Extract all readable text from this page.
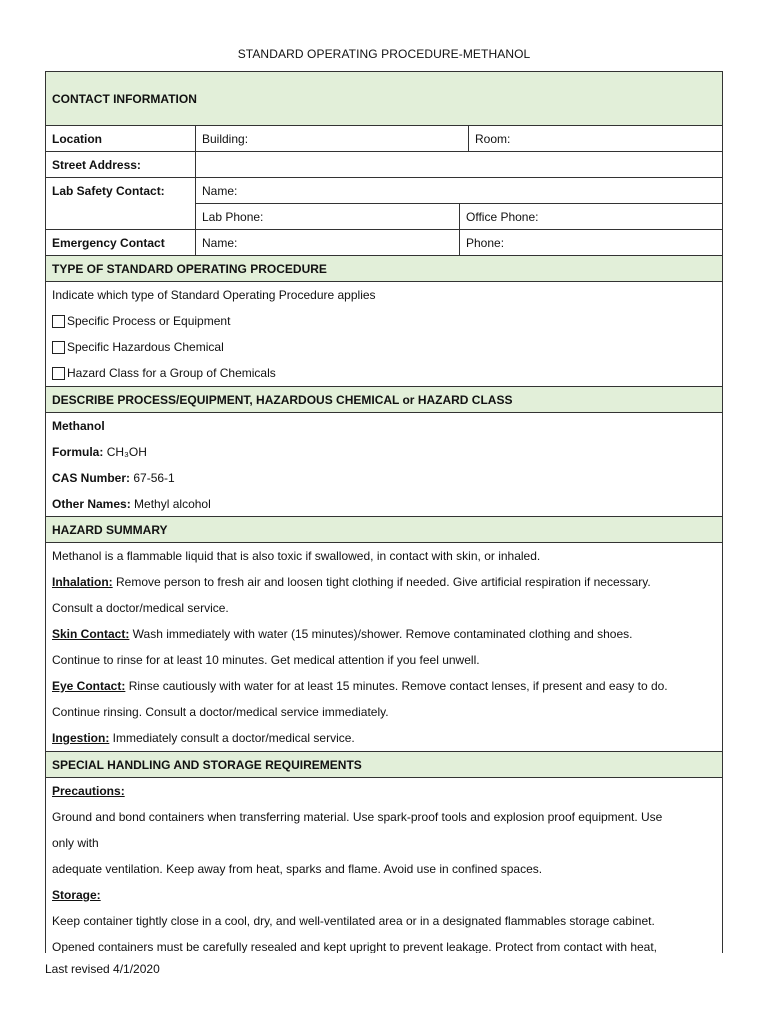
STANDARD OPERATING PROCEDURE-METHANOL
CONTACT INFORMATION
Location	Building:	Room:
Street Address:
Lab Safety Contact:	Name:
Lab Phone:	Office Phone:
Emergency Contact	Name:	Phone:
TYPE OF STANDARD OPERATING PROCEDURE
Indicate which type of Standard Operating Procedure applies
Specific Process or Equipment
Specific Hazardous Chemical
Hazard Class for a Group of Chemicals
DESCRIBE PROCESS/EQUIPMENT, HAZARDOUS CHEMICAL or HAZARD CLASS
Methanol
Formula: CH₃OH
CAS Number: 67-56-1
Other Names: Methyl alcohol
HAZARD SUMMARY
Methanol is a flammable liquid that is also toxic if swallowed, in contact with skin, or inhaled.
Inhalation: Remove person to fresh air and loosen tight clothing if needed. Give artificial respiration if necessary.
Consult a doctor/medical service.
Skin Contact: Wash immediately with water (15 minutes)/shower. Remove contaminated clothing and shoes.
Continue to rinse for at least 10 minutes. Get medical attention if you feel unwell.
Eye Contact: Rinse cautiously with water for at least 15 minutes. Remove contact lenses, if present and easy to do.
Continue rinsing. Consult a doctor/medical service immediately.
Ingestion: Immediately consult a doctor/medical service.
SPECIAL HANDLING AND STORAGE REQUIREMENTS
Precautions:
Ground and bond containers when transferring material. Use spark-proof tools and explosion proof equipment. Use
only with
adequate ventilation. Keep away from heat, sparks and flame. Avoid use in confined spaces.
Storage:
Keep container tightly close in a cool, dry, and well-ventilated area or in a designated flammables storage cabinet.
Opened containers must be carefully resealed and kept upright to prevent leakage. Protect from contact with heat,
Last revised 4/1/2020
